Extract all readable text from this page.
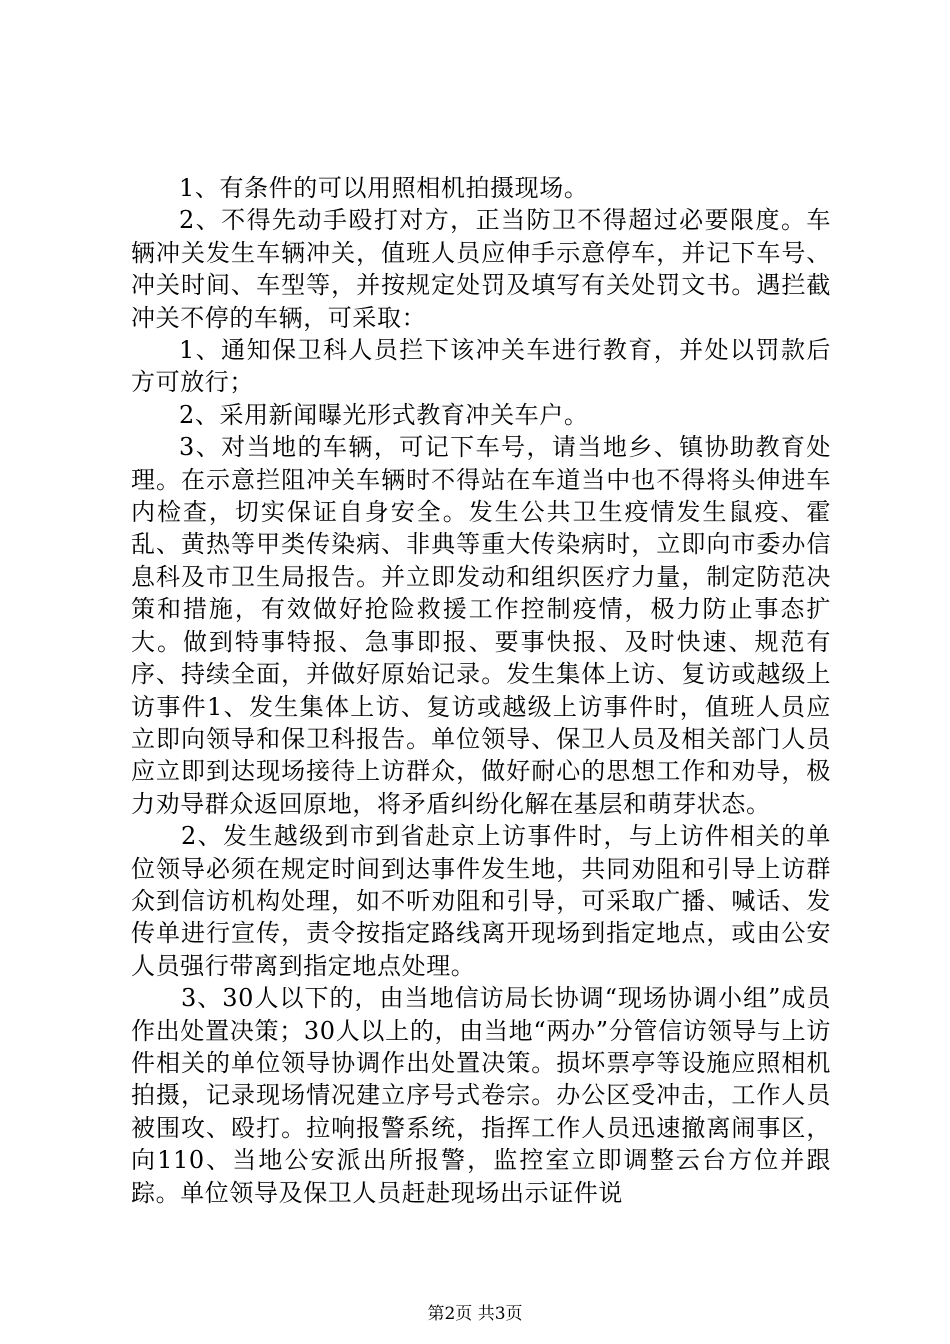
1、有条件的可以用照相机拍摄现场。

2、不得先动手殴打对方，正当防卫不得超过必要限度。车辆冲关发生车辆冲关，值班人员应伸手示意停车，并记下车号、冲关时间、车型等，并按规定处罚及填写有关处罚文书。遇拦截冲关不停的车辆，可采取：

1、通知保卫科人员拦下该冲关车进行教育，并处以罚款后方可放行；

2、采用新闻曝光形式教育冲关车户。

3、对当地的车辆，可记下车号，请当地乡、镇协助教育处理。在示意拦阻冲关车辆时不得站在车道当中也不得将头伸进车内检查，切实保证自身安全。发生公共卫生疫情发生鼠疫、霍乱、黄热等甲类传染病、非典等重大传染病时，立即向市委办信息科及市卫生局报告。并立即发动和组织医疗力量，制定防范决策和措施，有效做好抢险救援工作控制疫情，极力防止事态扩大。做到特事特报、急事即报、要事快报、及时快速、规范有序、持续全面，并做好原始记录。发生集体上访、复访或越级上访事件1、发生集体上访、复访或越级上访事件时，值班人员应立即向领导和保卫科报告。单位领导、保卫人员及相关部门人员应立即到达现场接待上访群众，做好耐心的思想工作和劝导，极力劝导群众返回原地，将矛盾纠纷化解在基层和萌芽状态。

2、发生越级到市到省赴京上访事件时，与上访件相关的单位领导必须在规定时间到达事件发生地，共同劝阻和引导上访群众到信访机构处理，如不听劝阻和引导，可采取广播、喊话、发传单进行宣传，责令按指定路线离开现场到指定地点，或由公安人员强行带离到指定地点处理。

3、30人以下的，由当地信访局长协调“现场协调小组”成员作出处置决策；30人以上的，由当地“两办”分管信访领导与上访件相关的单位领导协调作出处置决策。损坏票亭等设施应照相机拍摄，记录现场情况建立序号式卷宗。办公区受冲击，工作人员被围攻、殴打。拉响报警系统，指挥工作人员迅速撤离闹事区，向110、当地公安派出所报警，监控室立即调整云台方位并跟踪。单位领导及保卫人员赶赴现场出示证件说

第2页 共3页
